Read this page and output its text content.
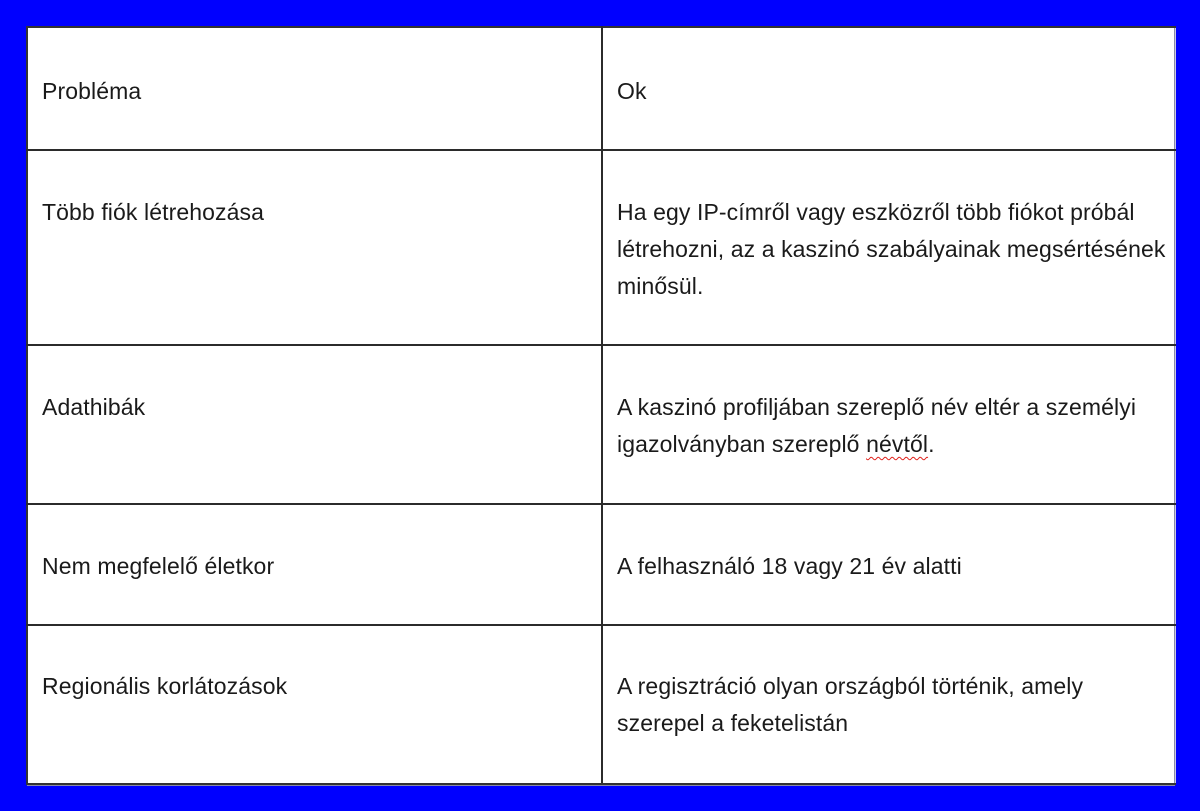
Probléma	Ok

Több fiók létrehozása	Ha egy IP-címről vagy eszközről több fiókot próbál létrehozni, az a kaszinó szabályainak megsértésének minősül.

Adathibák	A kaszinó profiljában szereplő név eltér a személyi igazolványban szereplő névtől.

Nem megfelelő életkor	A felhasználó 18 vagy 21 év alatti

Regionális korlátozások	A regisztráció olyan országból történik, amely szerepel a feketelistán
